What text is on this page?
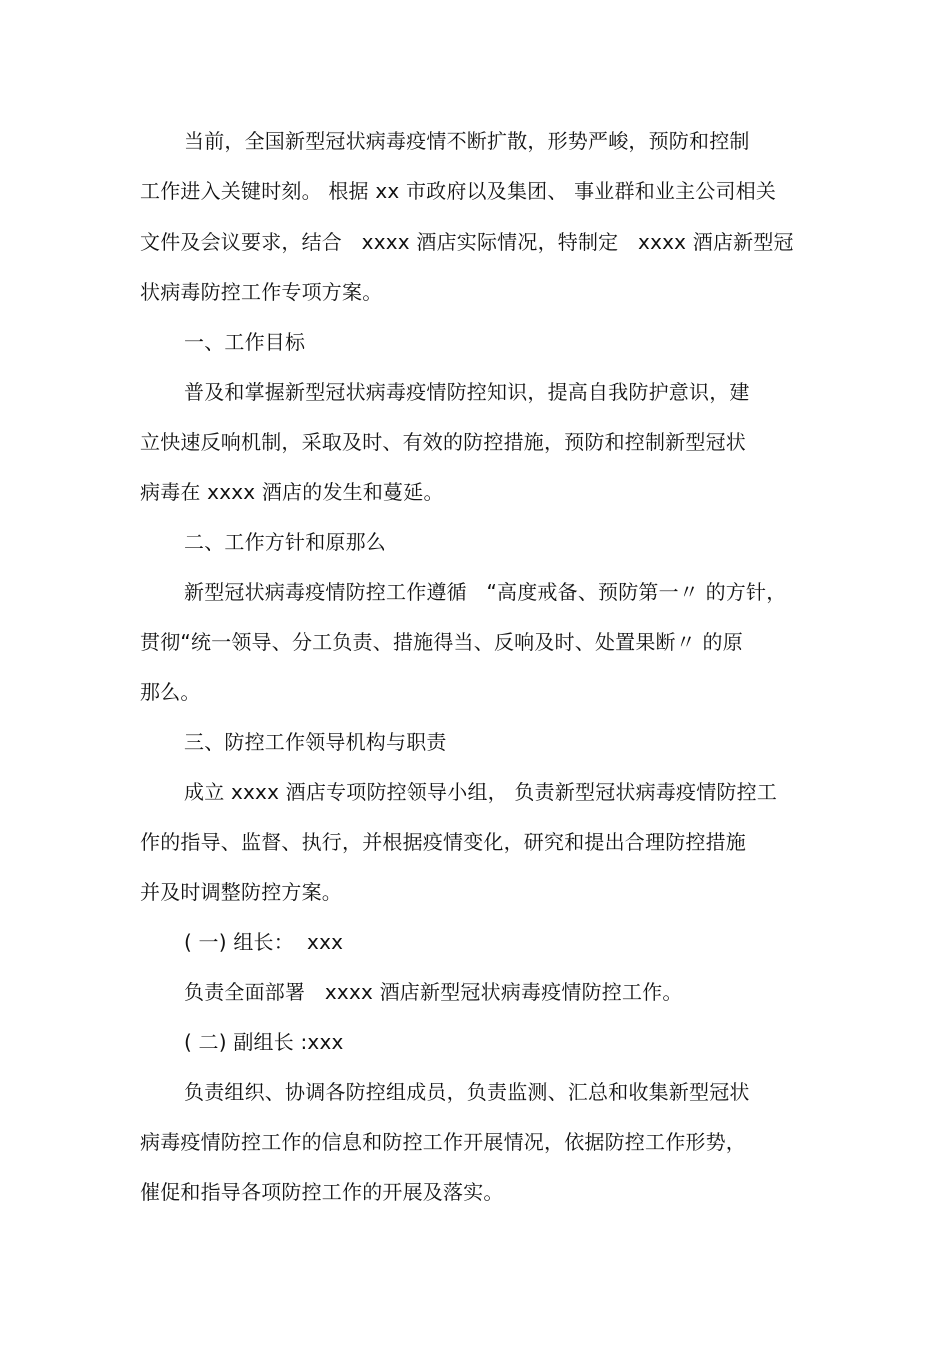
当前，全国新型冠状病毒疫情不断扩散，形势严峻，预防和控制
工作进入关键时刻。 根据 xx 市政府以及集团、 事业群和业主公司相关
文件及会议要求，结合   xxxx 酒店实际情况，特制定   xxxx 酒店新型冠
状病毒防控工作专项方案。
一、工作目标
普及和掌握新型冠状病毒疫情防控知识，提高自我防护意识，建
立快速反响机制，采取及时、有效的防控措施，预防和控制新型冠状
病毒在 xxxx 酒店的发生和蔓延。
二、工作方针和原那么
新型冠状病毒疫情防控工作遵循   “高度戒备、预防第一〃 的方针，
贯彻“统一领导、分工负责、措施得当、反响及时、处置果断〃 的原
那么。
三、防控工作领导机构与职责
成立 xxxx 酒店专项防控领导小组， 负责新型冠状病毒疫情防控工
作的指导、监督、执行，并根据疫情变化，研究和提出合理防控措施
并及时调整防控方案。
( 一) 组长：  xxx
负责全面部署   xxxx 酒店新型冠状病毒疫情防控工作。
( 二) 副组长 :xxx
负责组织、协调各防控组成员，负责监测、汇总和收集新型冠状
病毒疫情防控工作的信息和防控工作开展情况，依据防控工作形势，
催促和指导各项防控工作的开展及落实。
